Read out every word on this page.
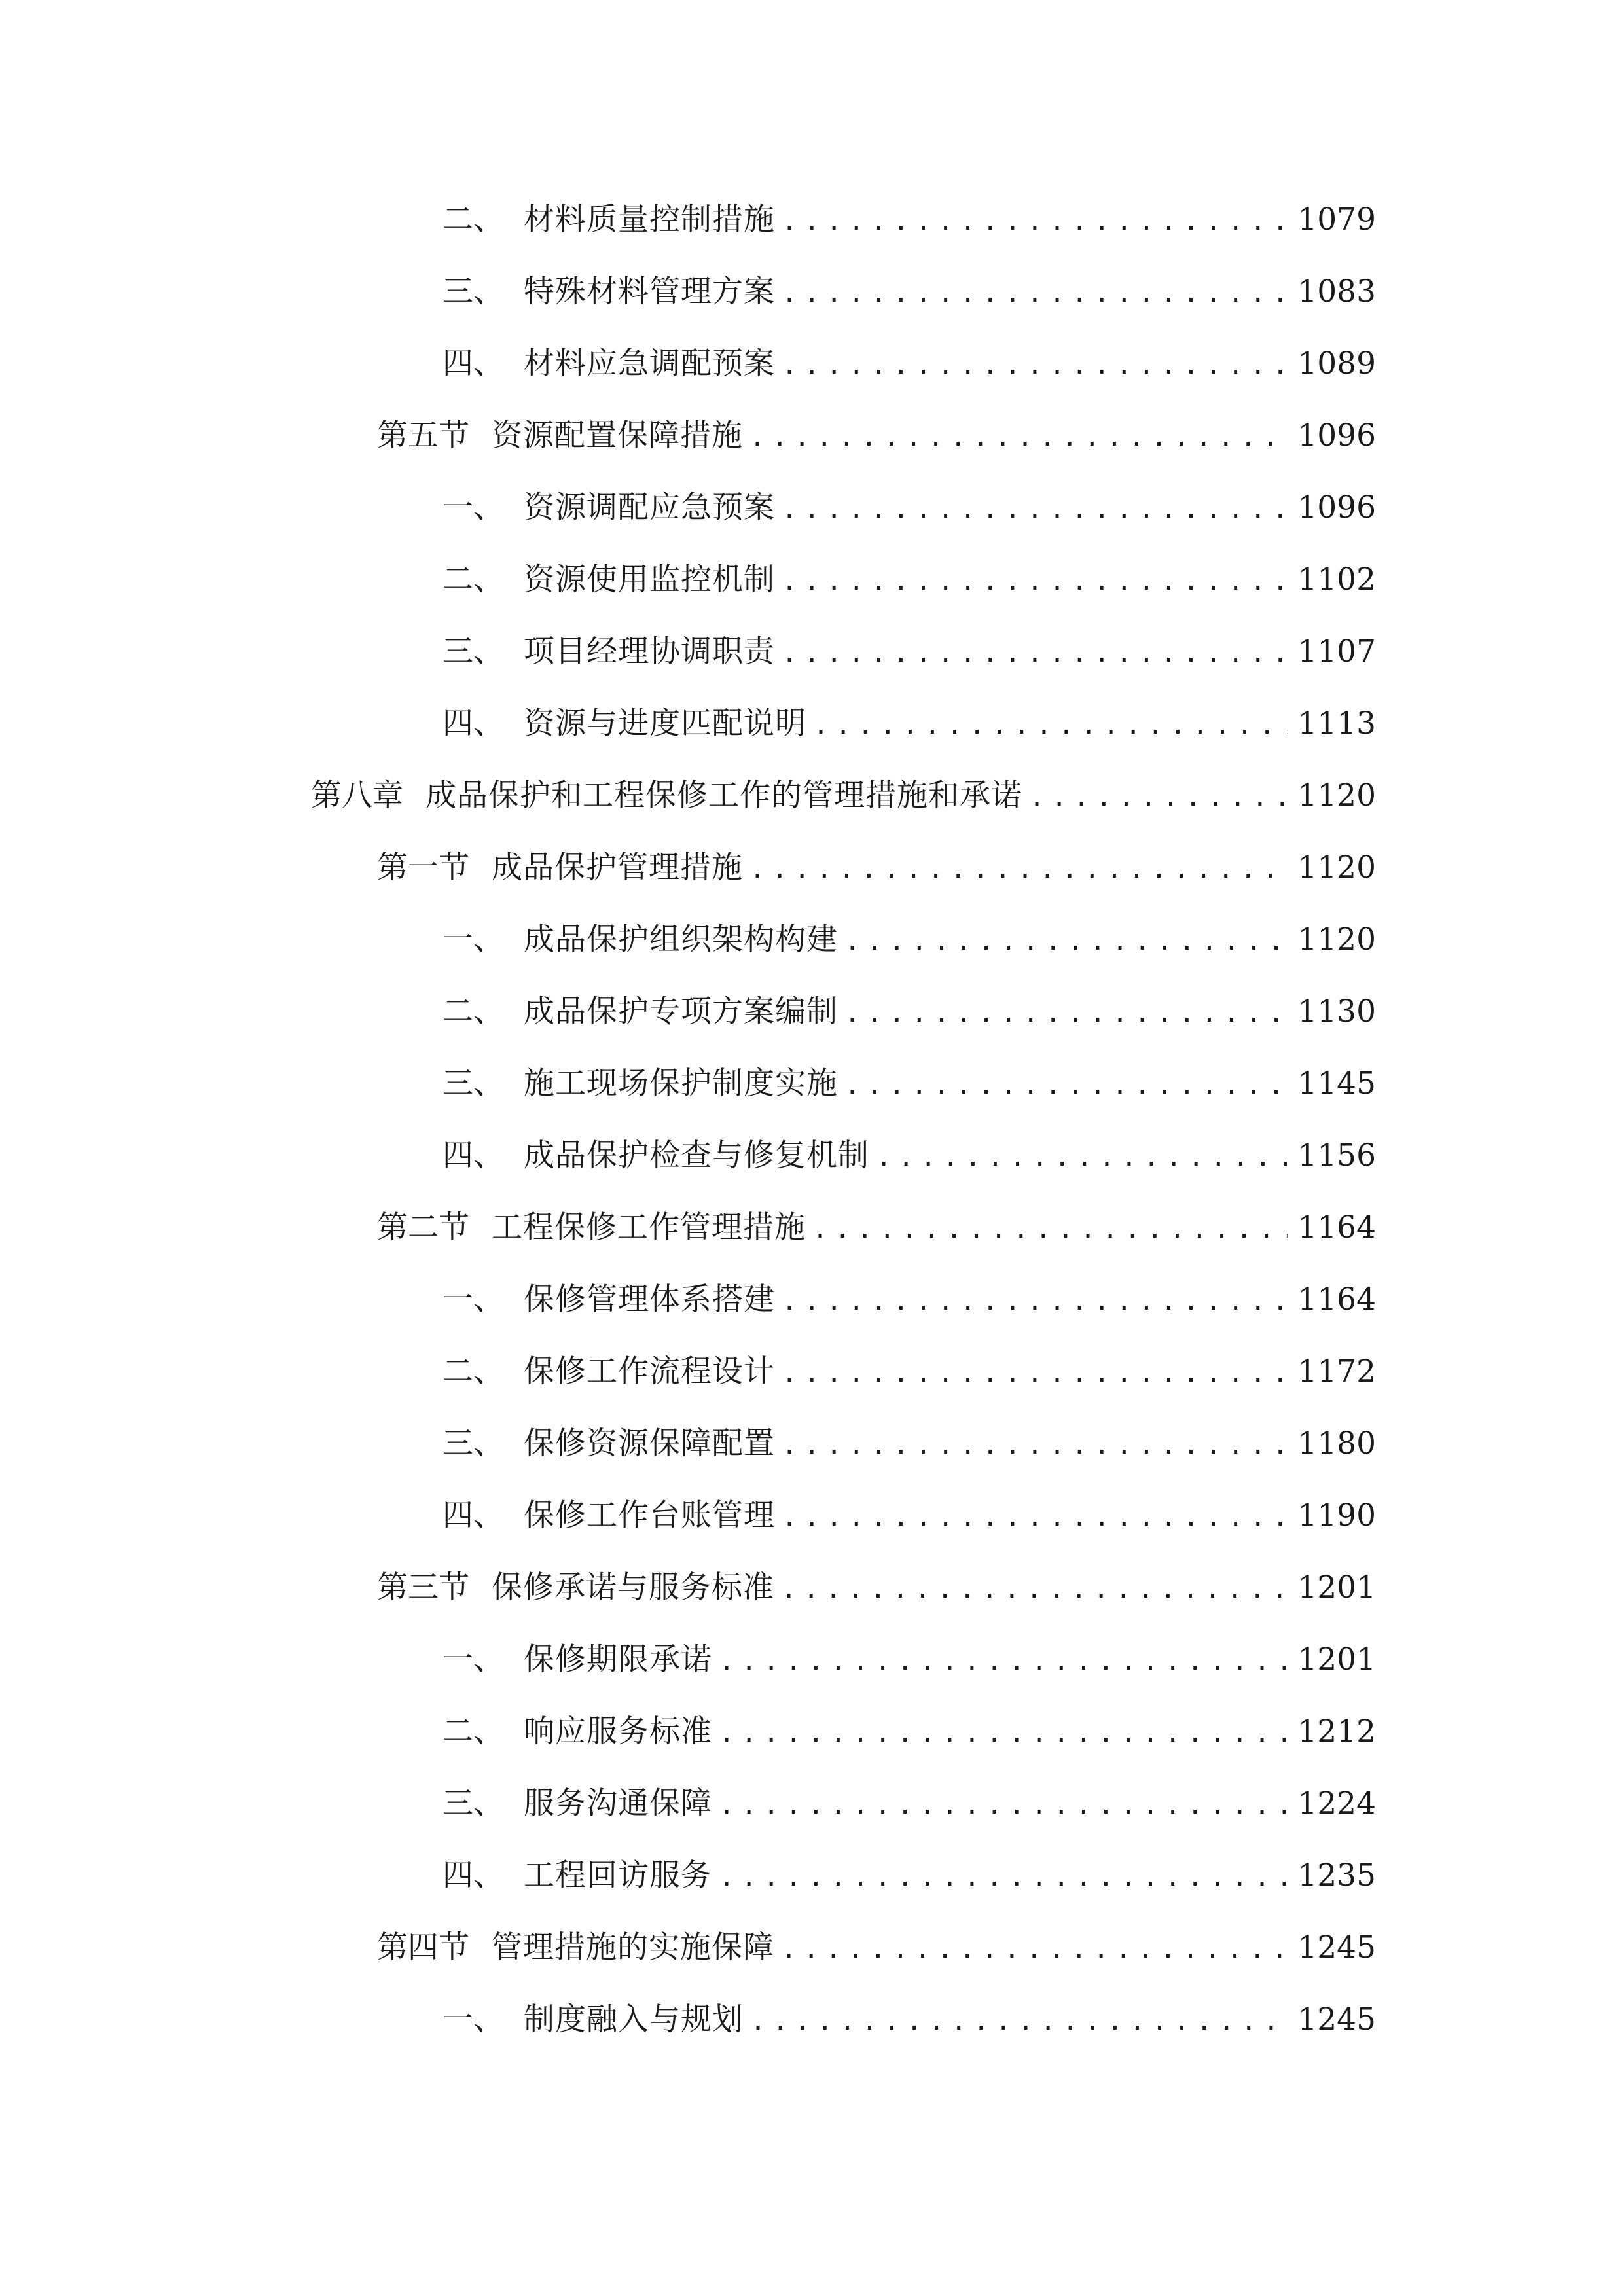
二、 材料质量控制措施 .....	1079
三、 特殊材料管理方案 .....	1083
四、 材料应急调配预案 .....	1089
第五节 资源配置保障措施 .....	1096
一、 资源调配应急预案 .....	1096
二、 资源使用监控机制 .....	1102
三、 项目经理协调职责 .....	1107
四、 资源与进度匹配说明 .....	1113
第八章 成品保护和工程保修工作的管理措施和承诺 .....	1120
第一节 成品保护管理措施 .....	1120
一、 成品保护组织架构构建 .....	1120
二、 成品保护专项方案编制 .....	1130
三、 施工现场保护制度实施 .....	1145
四、 成品保护检查与修复机制 .....	1156
第二节 工程保修工作管理措施 .....	1164
一、 保修管理体系搭建 .....	1164
二、 保修工作流程设计 .....	1172
三、 保修资源保障配置 .....	1180
四、 保修工作台账管理 .....	1190
第三节 保修承诺与服务标准 .....	1201
一、 保修期限承诺 .....	1201
二、 响应服务标准 .....	1212
三、 服务沟通保障 .....	1224
四、 工程回访服务 .....	1235
第四节 管理措施的实施保障 .....	1245
一、 制度融入与规划 .....	1245
